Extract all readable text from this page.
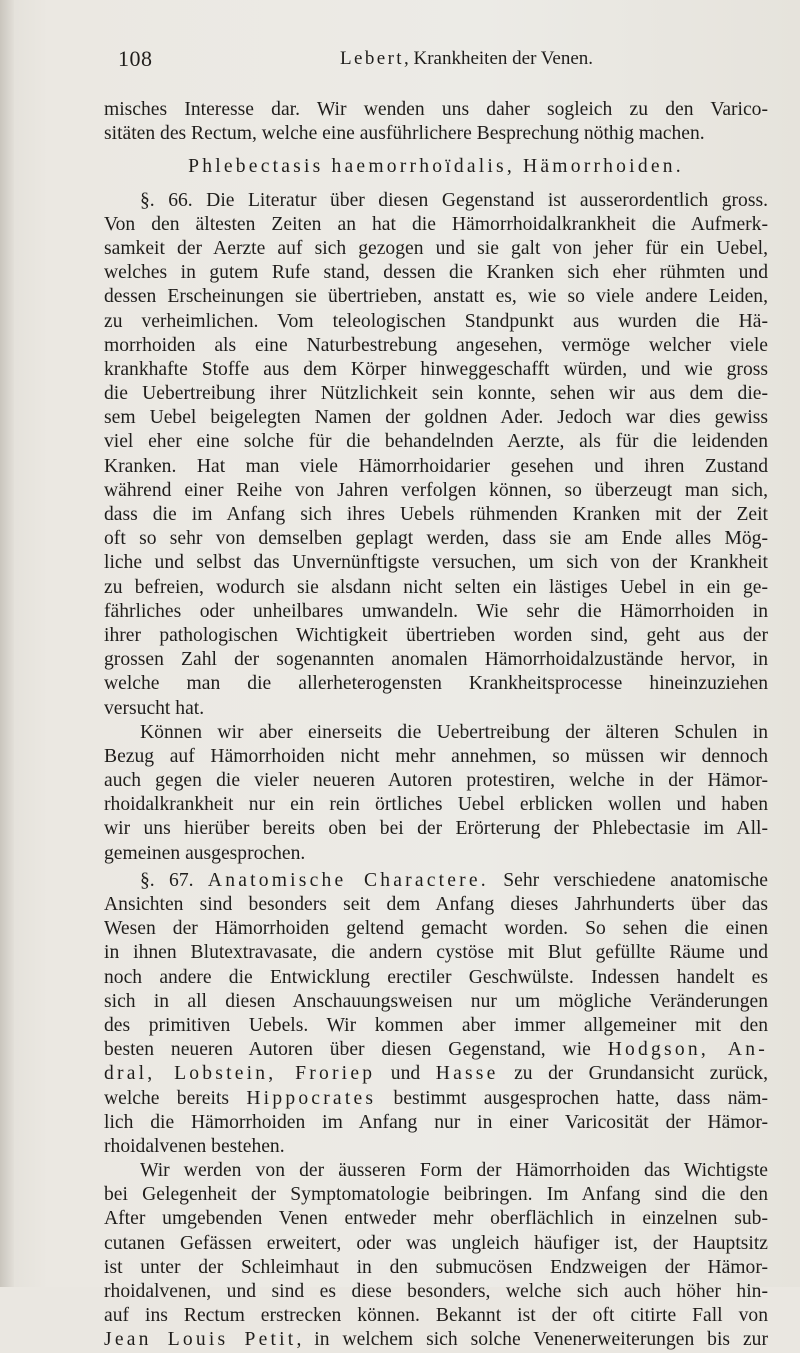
108	Lebert, Krankheiten der Venen.
misches Interesse dar. Wir wenden uns daher sogleich zu den Varico-
sitäten des Rectum, welche eine ausführlichere Besprechung nöthig machen.
Phlebectasis haemorrhoïdalis, Hämorrhoiden.
§. 66. Die Literatur über diesen Gegenstand ist ausserordentlich gross.
Von den ältesten Zeiten an hat die Hämorrhoidalkrankheit die Aufmerk-
samkeit der Aerzte auf sich gezogen und sie galt von jeher für ein Uebel,
welches in gutem Rufe stand, dessen die Kranken sich eher rühmten und
dessen Erscheinungen sie übertrieben, anstatt es, wie so viele andere Leiden,
zu verheimlichen. Vom teleologischen Standpunkt aus wurden die Hä-
morrhoiden als eine Naturbestrebung angesehen, vermöge welcher viele
krankhafte Stoffe aus dem Körper hinweggeschafft würden, und wie gross
die Uebertreibung ihrer Nützlichkeit sein konnte, sehen wir aus dem die-
sem Uebel beigelegten Namen der goldnen Ader. Jedoch war dies gewiss
viel eher eine solche für die behandelnden Aerzte, als für die leidenden
Kranken. Hat man viele Hämorrhoidarier gesehen und ihren Zustand
während einer Reihe von Jahren verfolgen können, so überzeugt man sich,
dass die im Anfang sich ihres Uebels rühmenden Kranken mit der Zeit
oft so sehr von demselben geplagt werden, dass sie am Ende alles Mög-
liche und selbst das Unvernünftigste versuchen, um sich von der Krankheit
zu befreien, wodurch sie alsdann nicht selten ein lästiges Uebel in ein ge-
fährliches oder unheilbares umwandeln. Wie sehr die Hämorrhoiden in
ihrer pathologischen Wichtigkeit übertrieben worden sind, geht aus der
grossen Zahl der sogenannten anomalen Hämorrhoidalzustände hervor, in
welche man die allerheterogensten Krankheitsprocesse hineinzuziehen
versucht hat.
Können wir aber einerseits die Uebertreibung der älteren Schulen in
Bezug auf Hämorrhoiden nicht mehr annehmen, so müssen wir dennoch
auch gegen die vieler neueren Autoren protestiren, welche in der Hämor-
rhoidalkrankheit nur ein rein örtliches Uebel erblicken wollen und haben
wir uns hierüber bereits oben bei der Erörterung der Phlebectasie im All-
gemeinen ausgesprochen.
§. 67. Anatomische Charactere. Sehr verschiedene anatomische
Ansichten sind besonders seit dem Anfang dieses Jahrhunderts über das
Wesen der Hämorrhoiden geltend gemacht worden. So sehen die einen
in ihnen Blutextravasate, die andern cystöse mit Blut gefüllte Räume und
noch andere die Entwicklung erectiler Geschwülste. Indessen handelt es
sich in all diesen Anschauungsweisen nur um mögliche Veränderungen
des primitiven Uebels. Wir kommen aber immer allgemeiner mit den
besten neueren Autoren über diesen Gegenstand, wie Hodgson, An-
dral, Lobstein, Froriep und Hasse zu der Grundansicht zurück,
welche bereits Hippocrates bestimmt ausgesprochen hatte, dass näm-
lich die Hämorrhoiden im Anfang nur in einer Varicosität der Hämor-
rhoidalvenen bestehen.
Wir werden von der äusseren Form der Hämorrhoiden das Wichtigste
bei Gelegenheit der Symptomatologie beibringen. Im Anfang sind die den
After umgebenden Venen entweder mehr oberflächlich in einzelnen sub-
cutanen Gefässen erweitert, oder was ungleich häufiger ist, der Hauptsitz
ist unter der Schleimhaut in den submucösen Endzweigen der Hämor-
rhoidalvenen, und sind es diese besonders, welche sich auch höher hin-
auf ins Rectum erstrecken können. Bekannt ist der oft citirte Fall von
Jean Louis Petit, in welchem sich solche Venenerweiterungen bis zur
